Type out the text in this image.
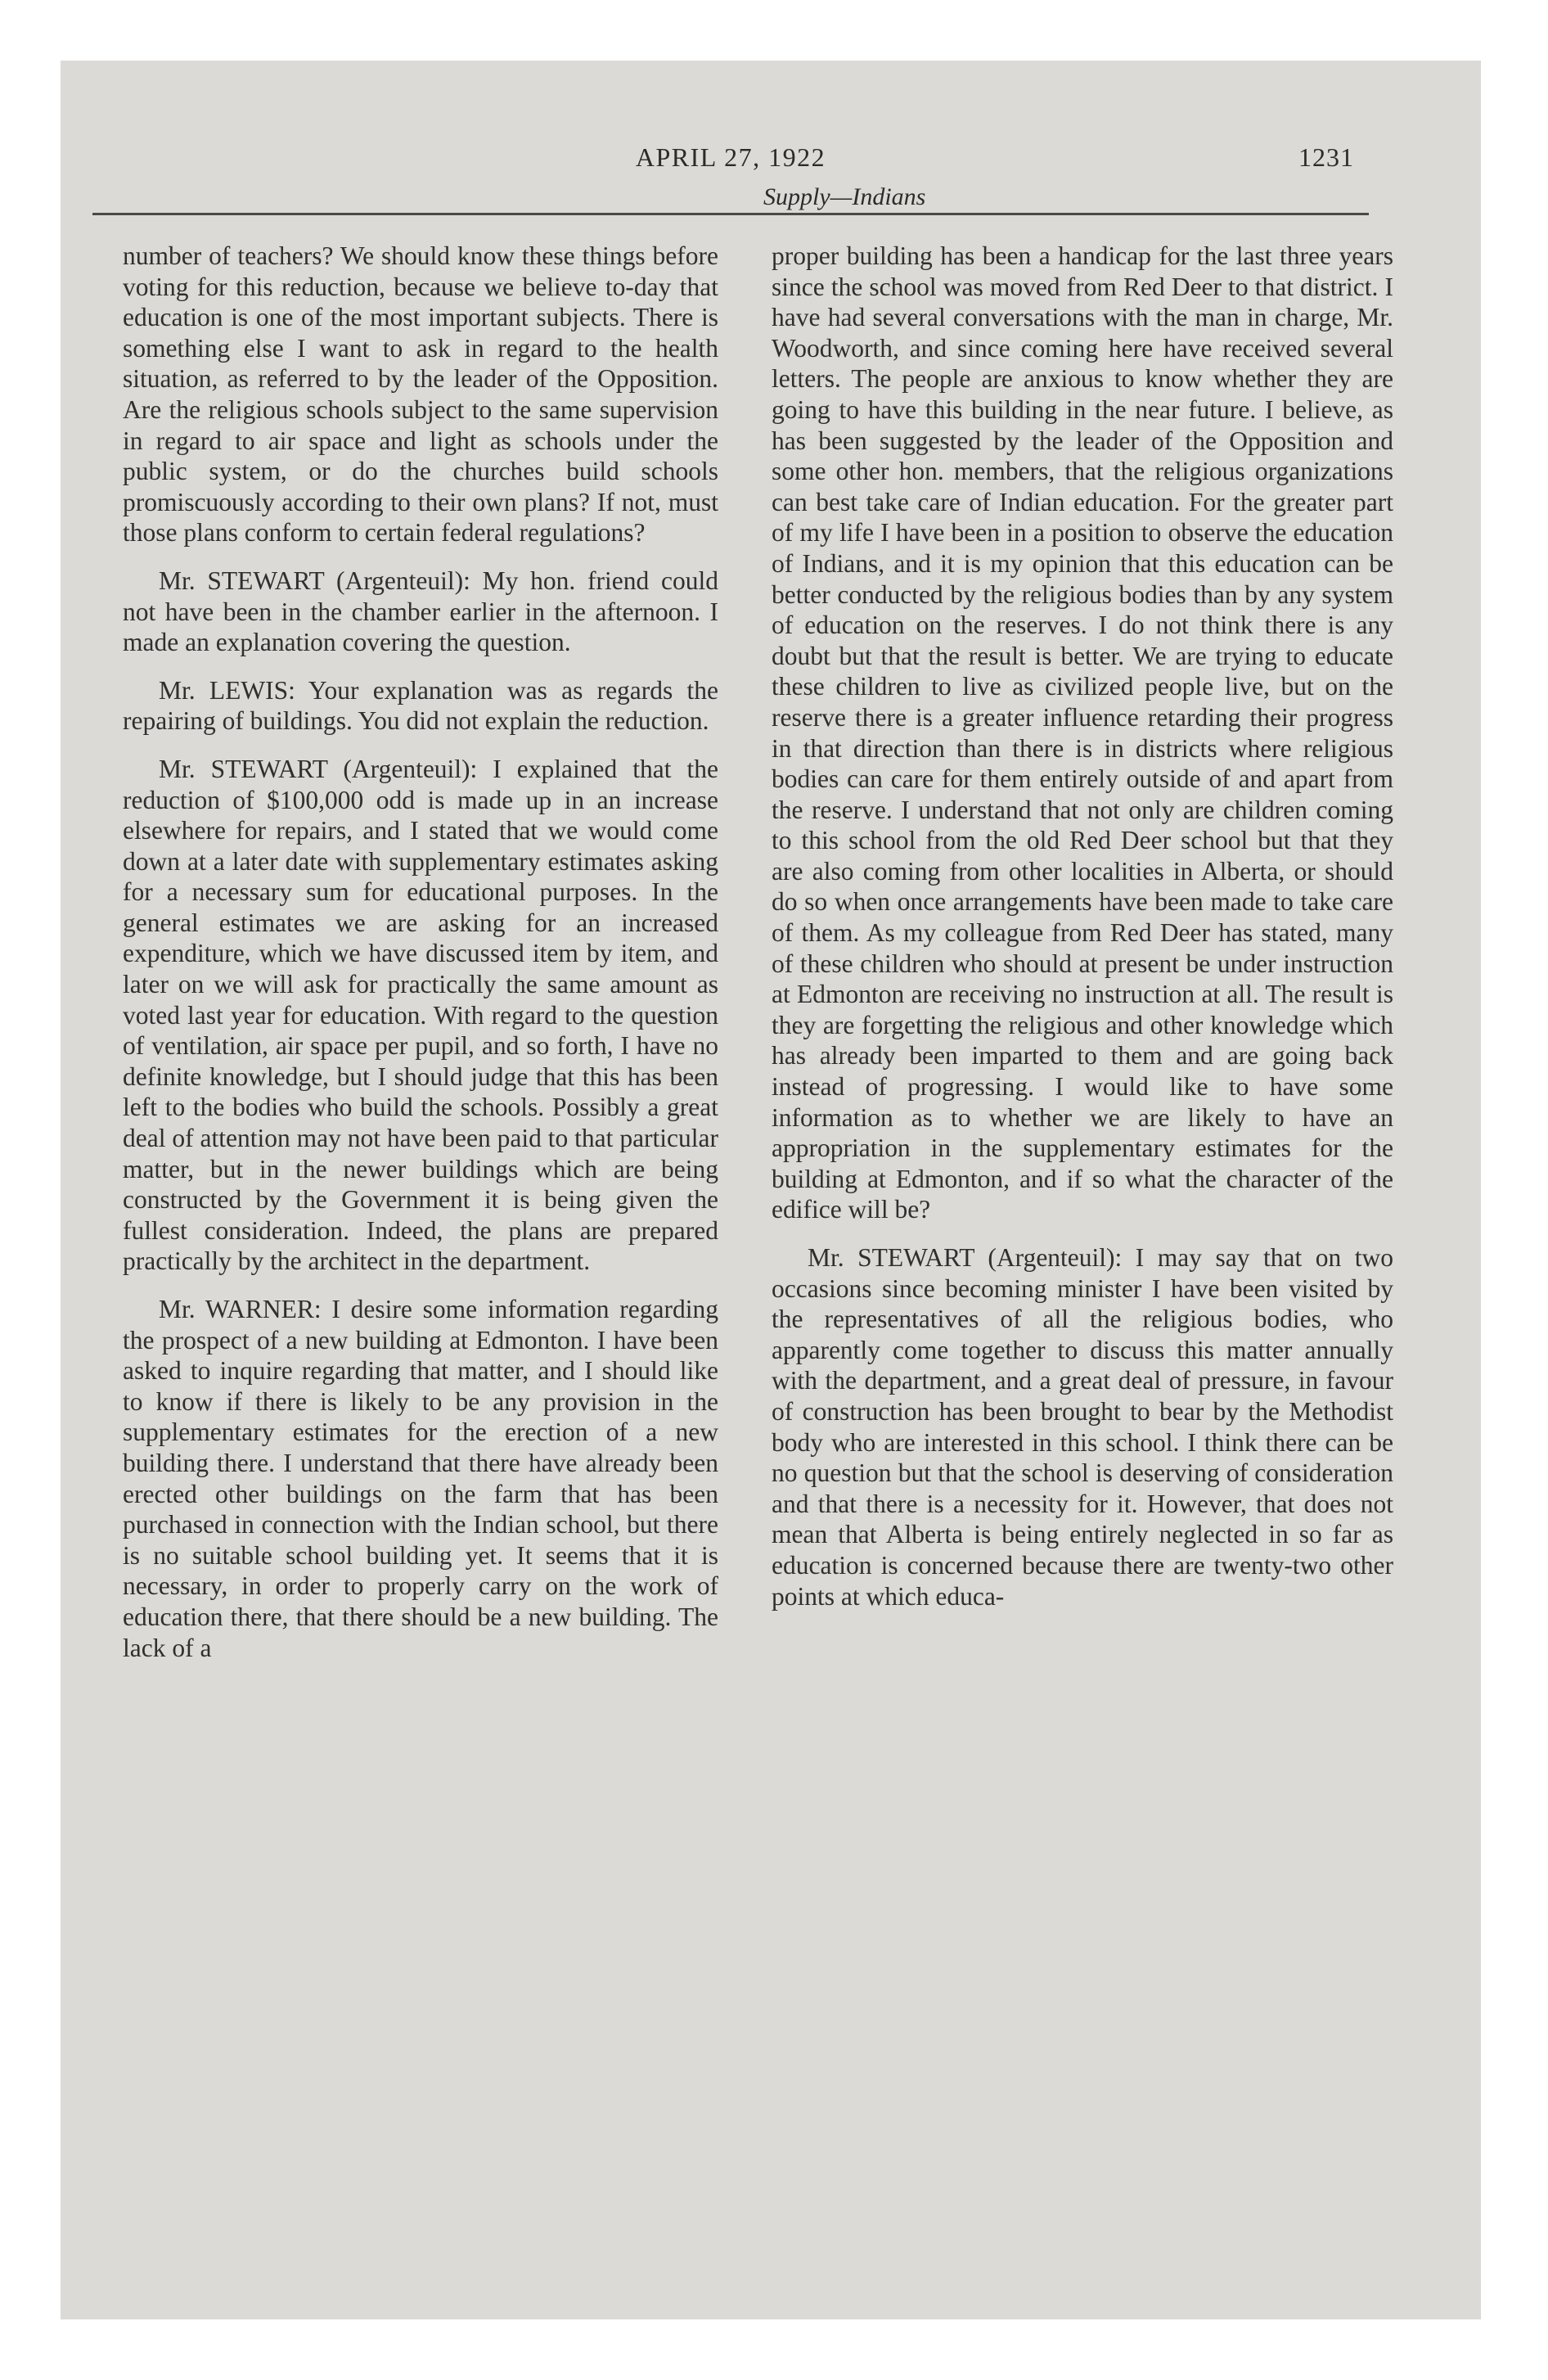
APRIL 27, 1922	1231
Supply—Indians

number of teachers? We should know these things before voting for this reduction, because we believe to-day that education is one of the most important subjects. There is something else I want to ask in regard to the health situation, as referred to by the leader of the Opposition. Are the religious schools subject to the same supervision in regard to air space and light as schools under the public system, or do the churches build schools promiscuously according to their own plans? If not, must those plans conform to certain federal regulations?

Mr. STEWART (Argenteuil): My hon. friend could not have been in the chamber earlier in the afternoon. I made an explanation covering the question.

Mr. LEWIS: Your explanation was as regards the repairing of buildings. You did not explain the reduction.

Mr. STEWART (Argenteuil): I explained that the reduction of $100,000 odd is made up in an increase elsewhere for repairs, and I stated that we would come down at a later date with supplementary estimates asking for a necessary sum for educational purposes. In the general estimates we are asking for an increased expenditure, which we have discussed item by item, and later on we will ask for practically the same amount as voted last year for education. With regard to the question of ventilation, air space per pupil, and so forth, I have no definite knowledge, but I should judge that this has been left to the bodies who build the schools. Possibly a great deal of attention may not have been paid to that particular matter, but in the newer buildings which are being constructed by the Government it is being given the fullest consideration. Indeed, the plans are prepared practically by the architect in the department.

Mr. WARNER: I desire some information regarding the prospect of a new building at Edmonton. I have been asked to inquire regarding that matter, and I should like to know if there is likely to be any provision in the supplementary estimates for the erection of a new building there. I understand that there have already been erected other buildings on the farm that has been purchased in connection with the Indian school, but there is no suitable school building yet. It seems that it is necessary, in order to properly carry on the work of education there, that there should be a new building. The lack of a

proper building has been a handicap for the last three years since the school was moved from Red Deer to that district. I have had several conversations with the man in charge, Mr. Woodworth, and since coming here have received several letters. The people are anxious to know whether they are going to have this building in the near future. I believe, as has been suggested by the leader of the Opposition and some other hon. members, that the religious organizations can best take care of Indian education. For the greater part of my life I have been in a position to observe the education of Indians, and it is my opinion that this education can be better conducted by the religious bodies than by any system of education on the reserves. I do not think there is any doubt but that the result is better. We are trying to educate these children to live as civilized people live, but on the reserve there is a greater influence retarding their progress in that direction than there is in districts where religious bodies can care for them entirely outside of and apart from the reserve. I understand that not only are children coming to this school from the old Red Deer school but that they are also coming from other localities in Alberta, or should do so when once arrangements have been made to take care of them. As my colleague from Red Deer has stated, many of these children who should at present be under instruction at Edmonton are receiving no instruction at all. The result is they are forgetting the religious and other knowledge which has already been imparted to them and are going back instead of progressing. I would like to have some information as to whether we are likely to have an appropriation in the supplementary estimates for the building at Edmonton, and if so what the character of the edifice will be?

Mr. STEWART (Argenteuil): I may say that on two occasions since becoming minister I have been visited by the representatives of all the religious bodies, who apparently come together to discuss this matter annually with the department, and a great deal of pressure, in favour of construction has been brought to bear by the Methodist body who are interested in this school. I think there can be no question but that the school is deserving of consideration and that there is a necessity for it. However, that does not mean that Alberta is being entirely neglected in so far as education is concerned because there are twenty-two other points at which educa-
